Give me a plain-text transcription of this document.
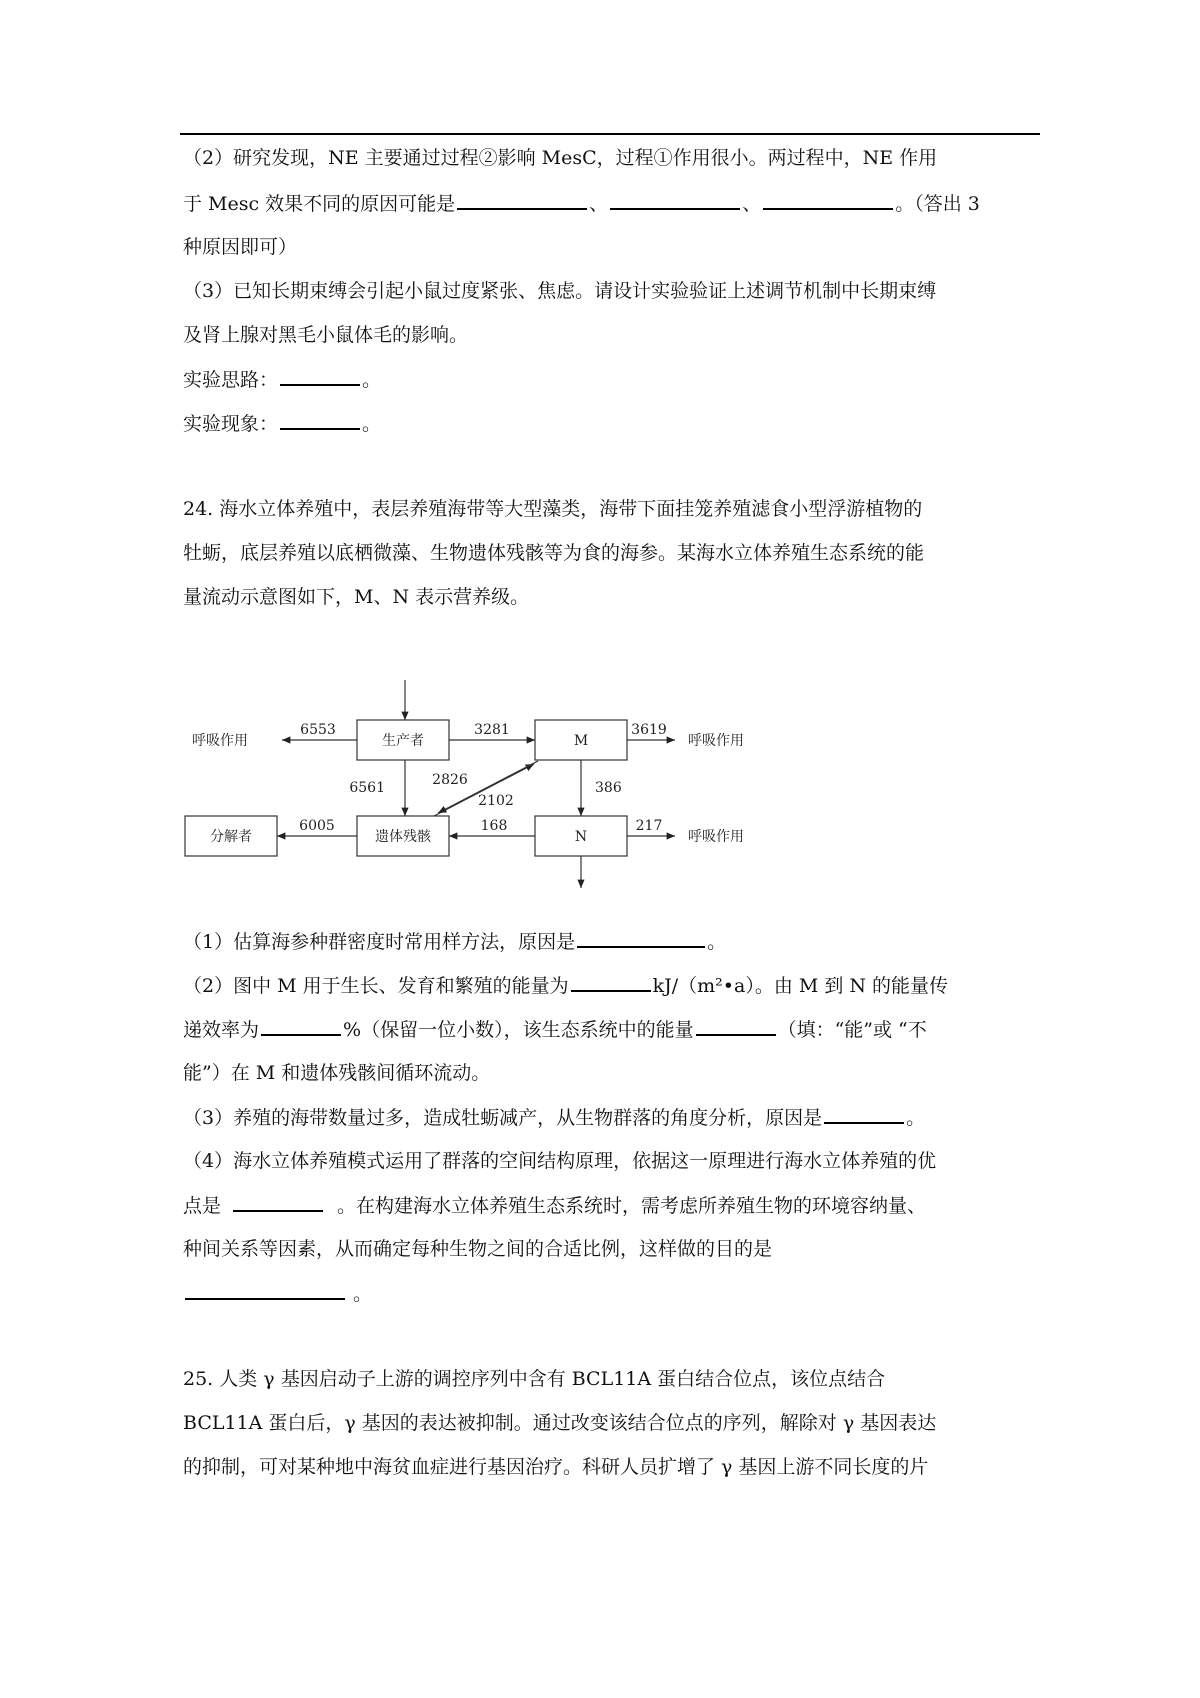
（2）研究发现，NE 主要通过过程②影响 MesC，过程①作用很小。两过程中，NE 作用
于 Mesc 效果不同的原因可能是	、	、	。（答出 3
种原因即可）
（3）已知长期束缚会引起小鼠过度紧张、焦虑。请设计实验验证上述调节机制中长期束缚
及肾上腺对黑毛小鼠体毛的影响。
实验思路：	。
实验现象：	。
24. 海水立体养殖中，表层养殖海带等大型藻类，海带下面挂笼养殖滤食小型浮游植物的
牡蛎，底层养殖以底栖微藻、生物遗体残骸等为食的海参。某海水立体养殖生态系统的能
量流动示意图如下，M、N 表示营养级。
生产者	M
遗体残骸	N
分解者
呼吸作用	呼吸作用
呼吸作用
6553	3281	3619
6561	2826
2102
386
6005	168	217
（1）估算海参种群密度时常用样方法，原因是	。
（2）图中 M 用于生长、发育和繁殖的能量为	kJ/（m²•a）。由 M 到 N 的能量传
递效率为	%（保留一位小数），该生态系统中的能量	（填：“能”或 “不
能”）在 M 和遗体残骸间循环流动。
（3）养殖的海带数量过多，造成牡蛎减产，从生物群落的角度分析，原因是	。
（4）海水立体养殖模式运用了群落的空间结构原理，依据这一原理进行海水立体养殖的优
点是	。在构建海水立体养殖生态系统时，需考虑所养殖生物的环境容纳量、
种间关系等因素，从而确定每种生物之间的合适比例，这样做的目的是
。
25. 人类 γ 基因启动子上游的调控序列中含有 BCL11A 蛋白结合位点，该位点结合
BCL11A 蛋白后，γ 基因的表达被抑制。通过改变该结合位点的序列，解除对 γ 基因表达
的抑制，可对某种地中海贫血症进行基因治疗。科研人员扩增了 γ 基因上游不同长度的片
